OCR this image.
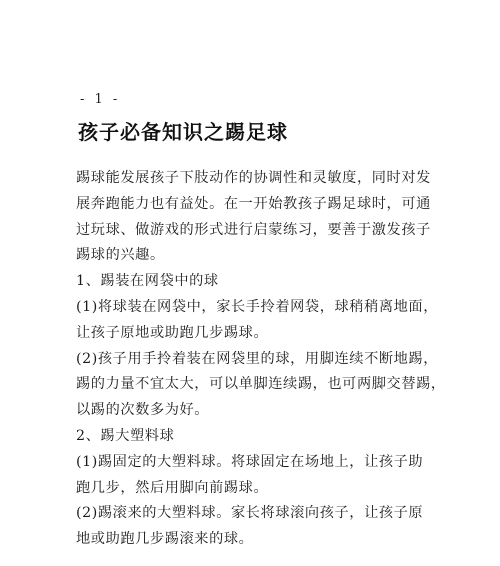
- 1 -
孩子必备知识之踢足球
踢球能发展孩子下肢动作的协调性和灵敏度，同时对发
展奔跑能力也有益处。在一开始教孩子踢足球时，可通
过玩球、做游戏的形式进行启蒙练习，要善于激发孩子
踢球的兴趣。
1、踢装在网袋中的球
(1)将球装在网袋中，家长手拎着网袋，球稍稍离地面，
让孩子原地或助跑几步踢球。
(2)孩子用手拎着装在网袋里的球，用脚连续不断地踢，
踢的力量不宜太大，可以单脚连续踢，也可两脚交替踢，
以踢的次数多为好。
2、踢大塑料球
(1)踢固定的大塑料球。将球固定在场地上，让孩子助
跑几步，然后用脚向前踢球。
(2)踢滚来的大塑料球。家长将球滚向孩子，让孩子原
地或助跑几步踢滚来的球。
